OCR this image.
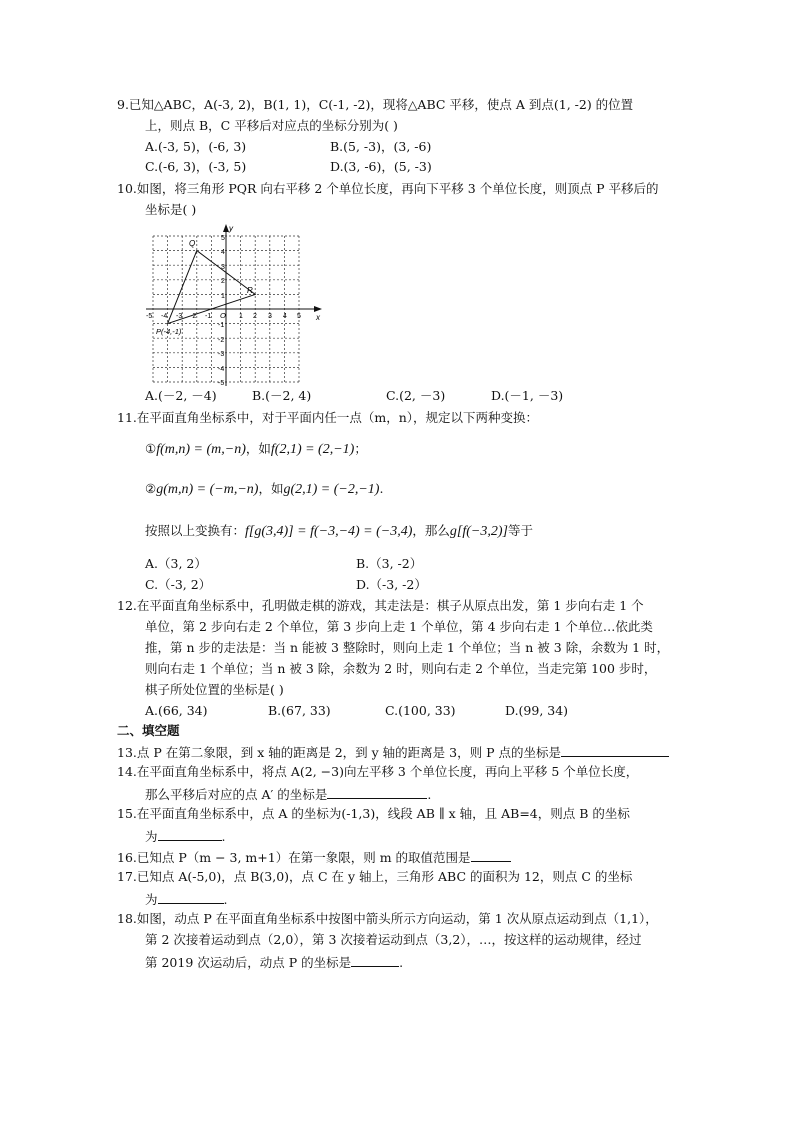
9.已知△ABC，A(-3, 2)，B(1, 1)，C(-1, -2)，现将△ABC 平移，使点 A 到点(1, -2) 的位置
上，则点 B，C 平移后对应点的坐标分别为( )
A.(-3, 5)，(-6, 3)	B.(5, -3)，(3, -6)
C.(-6, 3)，(-3, 5)	D.(3, -6)，(5, -3)
10.如图，将三角形 PQR 向右平移 2 个单位长度，再向下平移 3 个单位长度，则顶点 P 平移后的
坐标是( )
x
y
O
-5 -4 -3 -2 -1	1 2 3 4 5
5
4
3
2
1
-1
-2
-3
-4
-5
Q
R
P(-4,-1)
A.(－2, －4)	B.(－2, 4)	C.(2, －3)	D.(－1, －3)
11.在平面直角坐标系中，对于平面内任一点（m，n），规定以下两种变换：
①f(m,n) = (m,−n)，如f(2,1) = (2,−1)；
②g(m,n) = (−m,−n)，如g(2,1) = (−2,−1).
按照以上变换有：f[g(3,4)] = f(−3,−4) = (−3,4)，那么g[f(−3,2)]等于
A.（3, 2）	B.（3, -2）
C.（-3, 2）	D.（-3, -2）
12.在平面直角坐标系中，孔明做走棋的游戏，其走法是：棋子从原点出发，第 1 步向右走 1 个
单位，第 2 步向右走 2 个单位，第 3 步向上走 1 个单位，第 4 步向右走 1 个单位…依此类
推，第 n 步的走法是：当 n 能被 3 整除时，则向上走 1 个单位；当 n 被 3 除，余数为 1 时，
则向右走 1 个单位；当 n 被 3 除，余数为 2 时，则向右走 2 个单位，当走完第 100 步时，
棋子所处位置的坐标是( )
A.(66, 34)	B.(67, 33)	C.(100, 33)	D.(99, 34)
二、填空题
13.点 P 在第二象限，到 x 轴的距离是 2，到 y 轴的距离是 3，则 P 点的坐标是
14.在平面直角坐标系中，将点 A(2, −3)向左平移 3 个单位长度，再向上平移 5 个单位长度，
那么平移后对应的点 A′ 的坐标是	.
15.在平面直角坐标系中，点 A 的坐标为(-1,3)，线段 AB ∥ x 轴，且 AB=4，则点 B 的坐标
为	.
16.已知点 P（m − 3, m+1）在第一象限，则 m 的取值范围是
17.已知点 A(-5,0)，点 B(3,0)，点 C 在 y 轴上，三角形 ABC 的面积为 12，则点 C 的坐标
为	.
18.如图，动点 P 在平面直角坐标系中按图中箭头所示方向运动，第 1 次从原点运动到点（1,1），
第 2 次接着运动到点（2,0），第 3 次接着运动到点（3,2），…，按这样的运动规律，经过
第 2019 次运动后，动点 P 的坐标是	.
